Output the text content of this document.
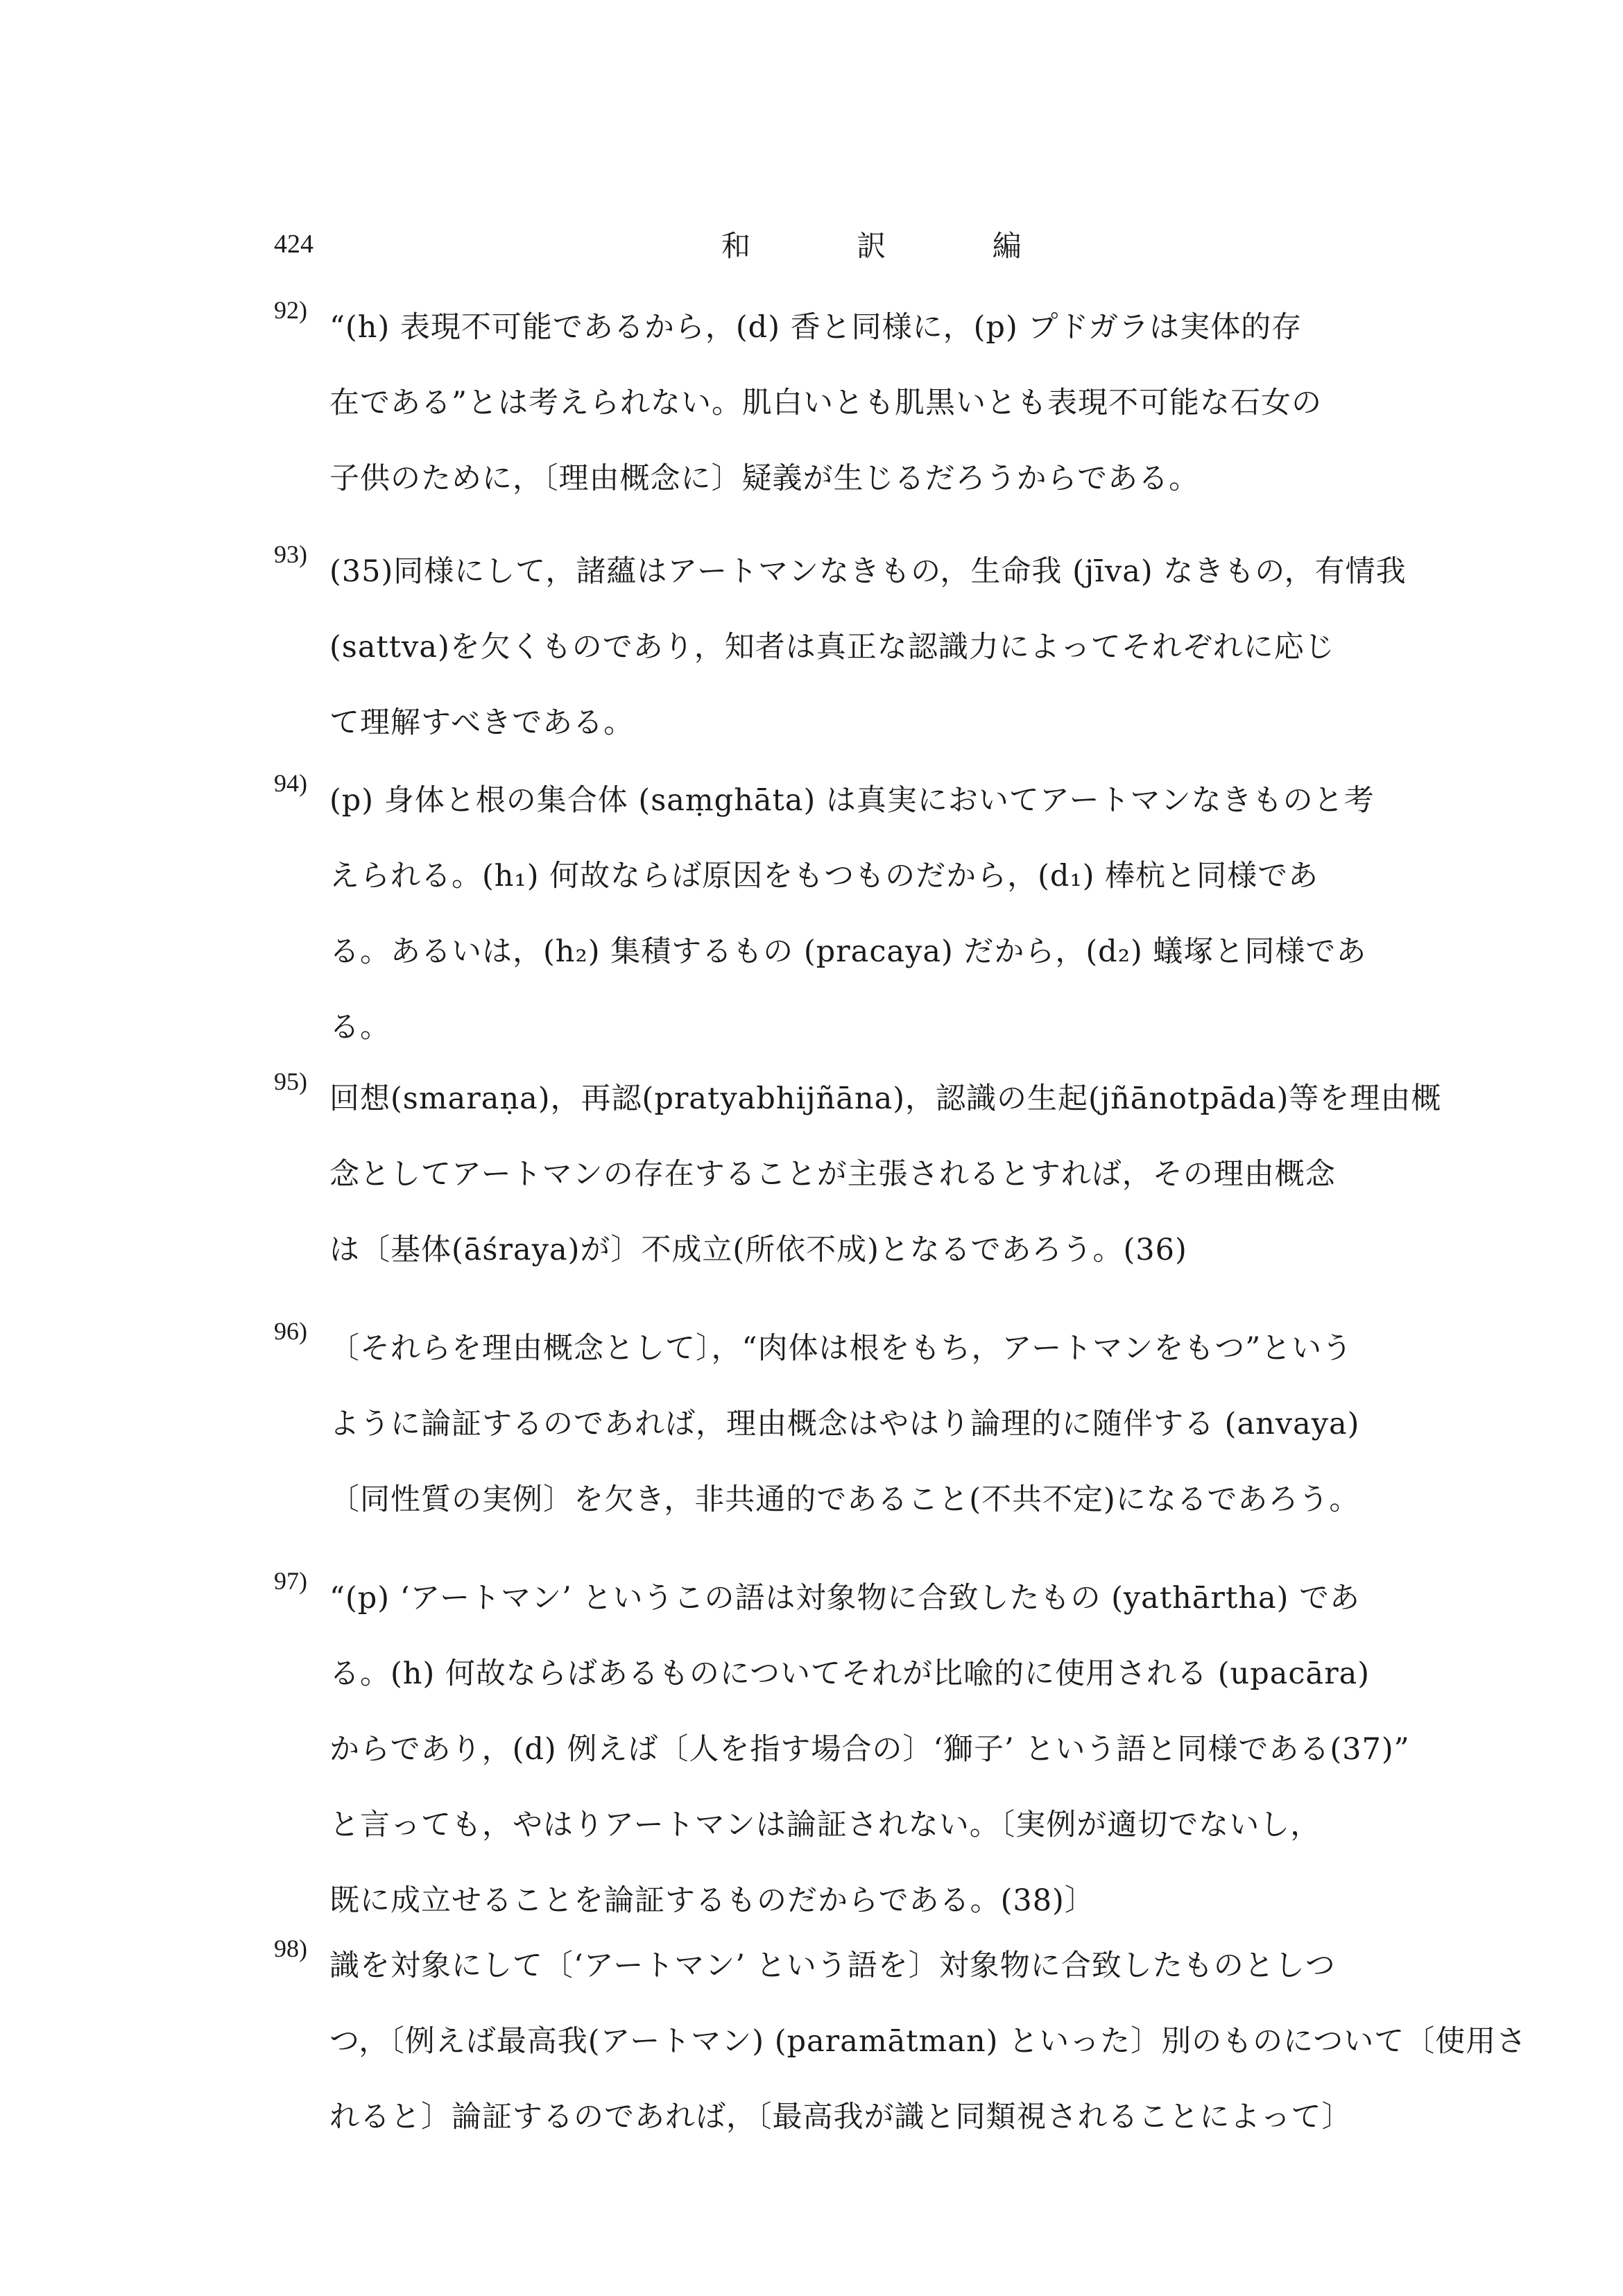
424	和 訳 編
92) “(h) 表現不可能であるから，(d) 香と同様に，(p) プドガラは実体的存
在である”とは考えられない。肌白いとも肌黒いとも表現不可能な石女の
子供のために，〔理由概念に〕疑義が生じるだろうからである。
93) (35)同様にして，諸蘊はアートマンなきもの，生命我 (jīva) なきもの，有情我
(sattva)を欠くものであり，知者は真正な認識力によってそれぞれに応じ
て理解すべきである。
94) (p) 身体と根の集合体 (saṃghāta) は真実においてアートマンなきものと考
えられる。(h₁) 何故ならば原因をもつものだから，(d₁) 棒杭と同様であ
る。あるいは，(h₂) 集積するもの (pracaya) だから，(d₂) 蟻塚と同様であ
る。
95) 回想(smaraṇa)，再認(pratyabhijñāna)，認識の生起(jñānotpāda)等を理由概
念としてアートマンの存在することが主張されるとすれば，その理由概念
は〔基体(āśraya)が〕不成立(所依不成)となるであろう。(36)
96) 〔それらを理由概念として〕，“肉体は根をもち，アートマンをもつ”という
ように論証するのであれば，理由概念はやはり論理的に随伴する (anvaya)
〔同性質の実例〕を欠き，非共通的であること(不共不定)になるであろう。
97) “(p) ‘アートマン’ というこの語は対象物に合致したもの (yathārtha) であ
る。(h) 何故ならばあるものについてそれが比喩的に使用される (upacāra)
からであり，(d) 例えば〔人を指す場合の〕‘獅子’ という語と同様である(37)”
と言っても，やはりアートマンは論証されない。〔実例が適切でないし，
既に成立せることを論証するものだからである。(38)〕
98) 識を対象にして〔‘アートマン’ という語を〕対象物に合致したものとしつ
つ，〔例えば最高我(アートマン) (paramātman) といった〕別のものについて〔使用さ
れると〕論証するのであれば，〔最高我が識と同類視されることによって〕
